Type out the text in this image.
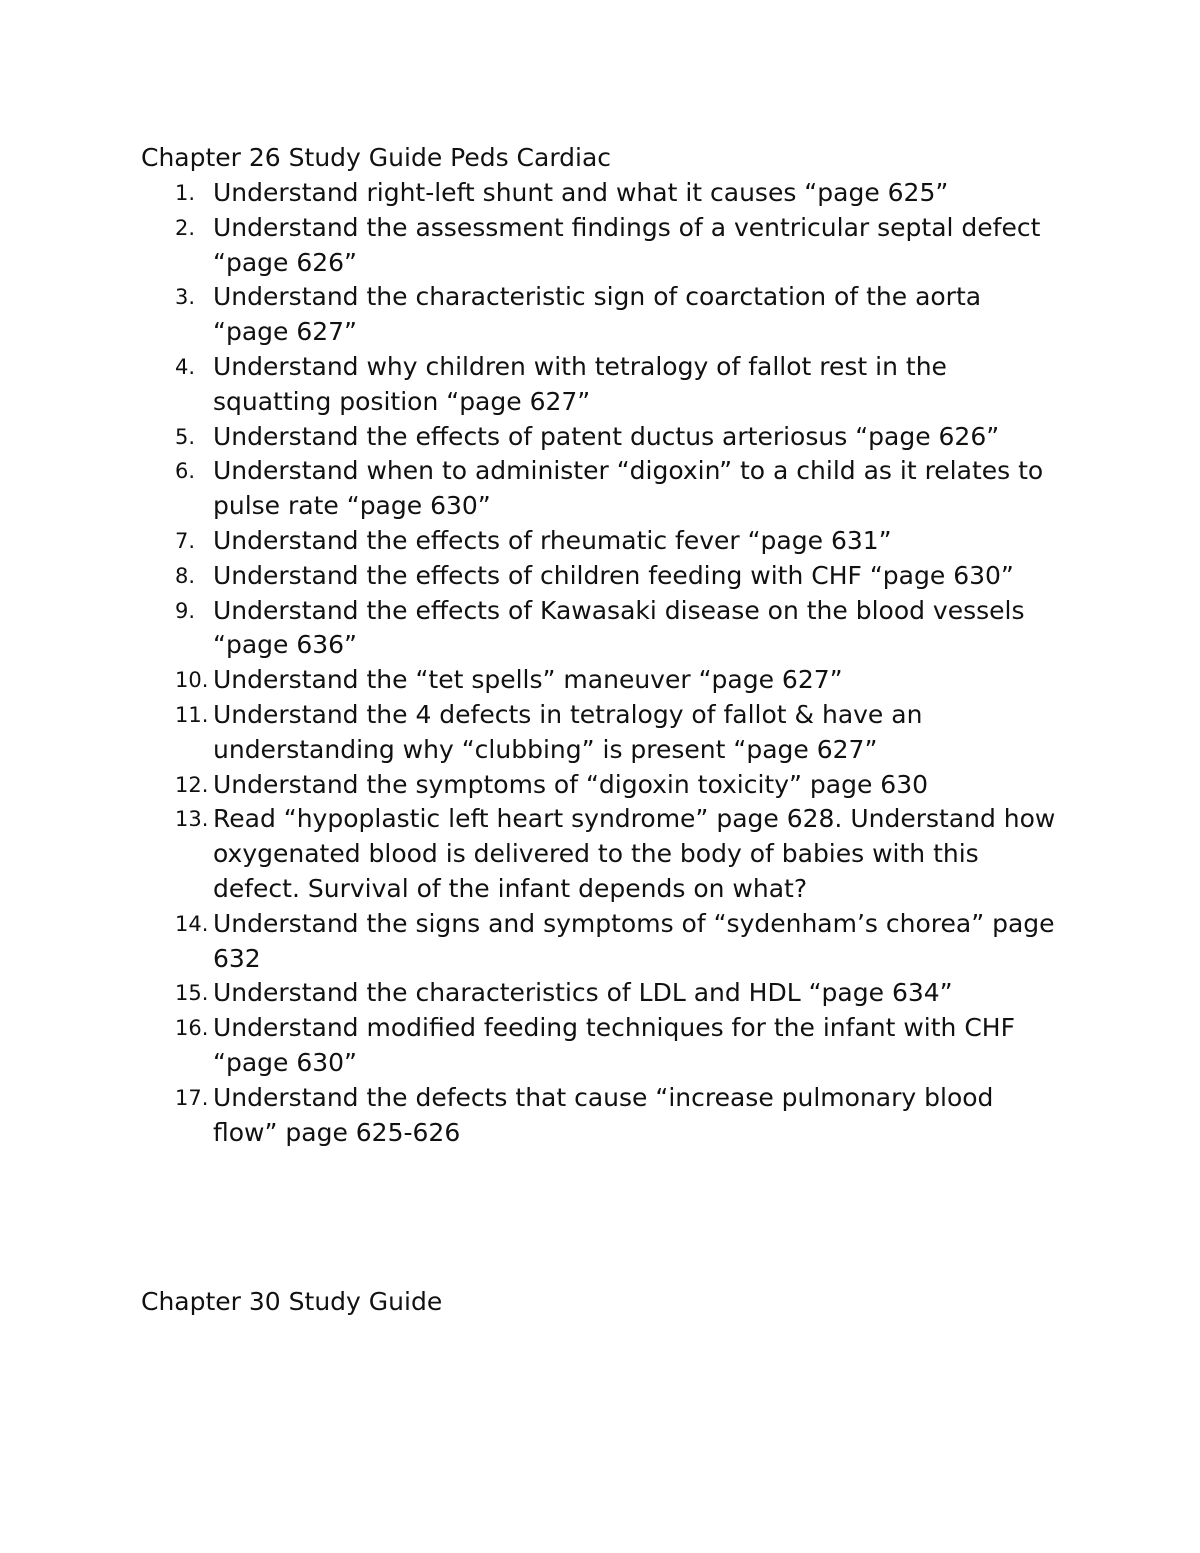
Chapter 26 Study Guide Peds Cardiac
1. Understand right-left shunt and what it causes “page 625”
2. Understand the assessment findings of a ventricular septal defect “page 626”
3. Understand the characteristic sign of coarctation of the aorta “page 627”
4. Understand why children with tetralogy of fallot rest in the squatting position “page 627”
5. Understand the effects of patent ductus arteriosus “page 626”
6. Understand when to administer “digoxin” to a child as it relates to pulse rate “page 630”
7. Understand the effects of rheumatic fever “page 631”
8. Understand the effects of children feeding with CHF “page 630”
9. Understand the effects of Kawasaki disease on the blood vessels “page 636”
10. Understand the “tet spells” maneuver “page 627”
11. Understand the 4 defects in tetralogy of fallot & have an understanding why “clubbing” is present “page 627”
12. Understand the symptoms of “digoxin toxicity” page 630
13. Read “hypoplastic left heart syndrome” page 628. Understand how oxygenated blood is delivered to the body of babies with this defect. Survival of the infant depends on what?
14. Understand the signs and symptoms of “sydenham’s chorea” page 632
15. Understand the characteristics of LDL and HDL “page 634”
16. Understand modified feeding techniques for the infant with CHF “page 630”
17. Understand the defects that cause “increase pulmonary blood flow” page 625-626
Chapter 30 Study Guide
